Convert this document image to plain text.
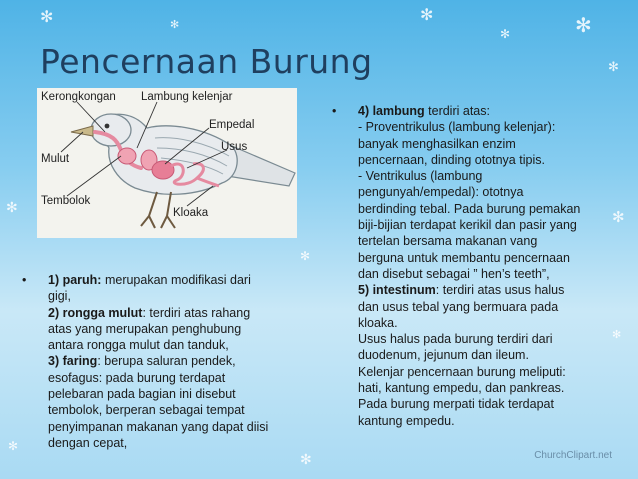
✻	✻
✻
✻	✻
✻
✻
✻
✻
✻
✻
✻
Pencernaan Burung
Kerongkongan Lambung kelenjar
Empedal
Usus
Mulut
Tembolok
Kloaka
• 1) paruh: merupakan modifikasi dari
gigi,
2) rongga mulut: terdiri atas rahang
atas yang merupakan penghubung
antara rongga mulut dan tanduk,
3) faring: berupa saluran pendek,
esofagus: pada burung terdapat
pelebaran pada bagian ini disebut
tembolok, berperan sebagai tempat
penyimpanan makanan yang dapat diisi
dengan cepat,
• 4) lambung terdiri atas:
- Proventrikulus (lambung kelenjar):
banyak menghasilkan enzim
pencernaan, dinding ototnya tipis.
- Ventrikulus (lambung
pengunyah/empedal): ototnya
berdinding tebal. Pada burung pemakan
biji-bijian terdapat kerikil dan pasir yang
tertelan bersama makanan vang
berguna untuk membantu pencernaan
dan disebut sebagai ” hen’s teeth”,
5) intestinum: terdiri atas usus halus
dan usus tebal yang bermuara pada
kloaka.
Usus halus pada burung terdiri dari
duodenum, jejunum dan ileum.
Kelenjar pencernaan burung meliputi:
hati, kantung empedu, dan pankreas.
Pada burung merpati tidak terdapat
kantung empedu.
ChurchClipart.net
